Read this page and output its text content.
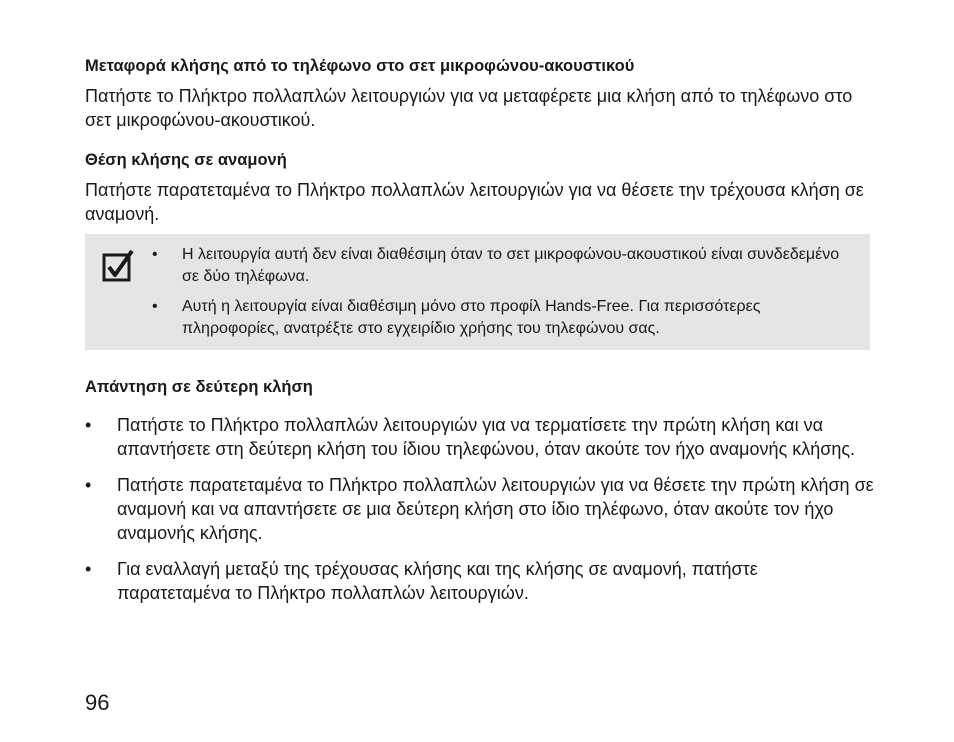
Μεταφορά κλήσης από το τηλέφωνο στο σετ μικροφώνου-ακουστικού

Πατήστε το Πλήκτρο πολλαπλών λειτουργιών για να μεταφέρετε μια κλήση από το τηλέφωνο στο σετ μικροφώνου-ακουστικού.

Θέση κλήσης σε αναμονή

Πατήστε παρατεταμένα το Πλήκτρο πολλαπλών λειτουργιών για να θέσετε την τρέχουσα κλήση σε αναμονή.

• Η λειτουργία αυτή δεν είναι διαθέσιμη όταν το σετ μικροφώνου-ακουστικού είναι συνδεδεμένο σε δύο τηλέφωνα.
• Αυτή η λειτουργία είναι διαθέσιμη μόνο στο προφίλ Hands-Free. Για περισσότερες πληροφορίες, ανατρέξτε στο εγχειρίδιο χρήσης του τηλεφώνου σας.
Απάντηση σε δεύτερη κλήση
• Πατήστε το Πλήκτρο πολλαπλών λειτουργιών για να τερματίσετε την πρώτη κλήση και να απαντήσετε στη δεύτερη κλήση του ίδιου τηλεφώνου, όταν ακούτε τον ήχο αναμονής κλήσης.
• Πατήστε παρατεταμένα το Πλήκτρο πολλαπλών λειτουργιών για να θέσετε την πρώτη κλήση σε αναμονή και να απαντήσετε σε μια δεύτερη κλήση στο ίδιο τηλέφωνο, όταν ακούτε τον ήχο αναμονής κλήσης.
• Για εναλλαγή μεταξύ της τρέχουσας κλήσης και της κλήσης σε αναμονή, πατήστε παρατεταμένα το Πλήκτρο πολλαπλών λειτουργιών.

96
